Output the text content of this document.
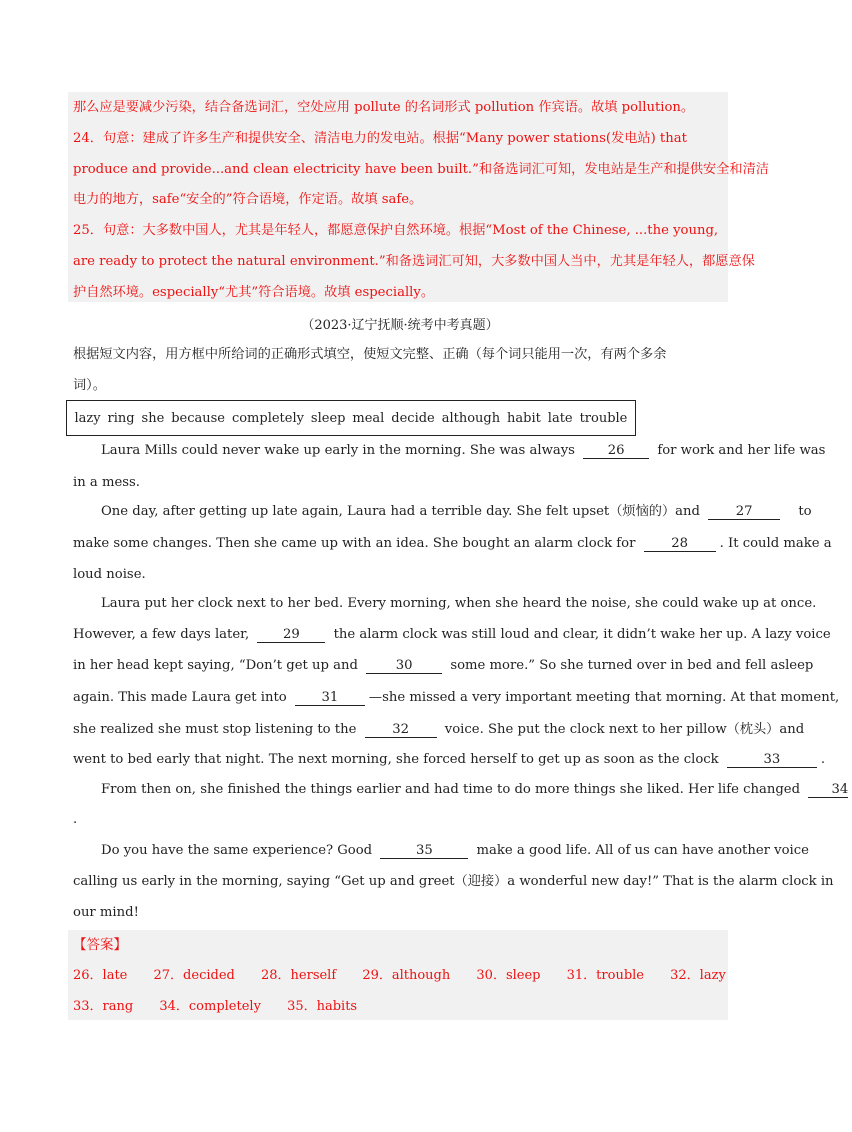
那么应是要减少污染，结合备选词汇，空处应用 pollute 的名词形式 pollution 作宾语。故填 pollution。
24．句意：建成了许多生产和提供安全、清洁电力的发电站。根据“Many power stations(发电站) that
produce and provide...and clean electricity have been built.”和备选词汇可知，发电站是生产和提供安全和清洁
电力的地方，safe“安全的”符合语境，作定语。故填 safe。
25．句意：大多数中国人，尤其是年轻人，都愿意保护自然环境。根据“Most of the Chinese, ...the young,
are ready to protect the natural environment.”和备选词汇可知，大多数中国人当中，尤其是年轻人，都愿意保
护自然环境。especially“尤其”符合语境。故填 especially。
（2023·辽宁抚顺·统考中考真题）
根据短文内容，用方框中所给词的正确形式填空，使短文完整、正确（每个词只能用一次，有两个多余
词）。
lazy ring she because completely sleep meal decide although habit late trouble
Laura Mills could never wake up early in the morning. She was always 26 for work and her life was
in a mess.
One day, after getting up late again, Laura had a terrible day. She felt upset（烦恼的）and	27	to
make some changes. Then she came up with an idea. She bought an alarm clock for	28 . It could make a
loud noise.
Laura put her clock next to her bed. Every morning, when she heard the noise, she could wake up at once.
However, a few days later,	29	the alarm clock was still loud and clear, it didn’t wake her up. A lazy voice
in her head kept saying, “Don’t get up and	30	some more.” So she turned over in bed and fell asleep
again. This made Laura get into	31 —she missed a very important meeting that morning. At that moment,
she realized she must stop listening to the	32	voice. She put the clock next to her pillow（枕头）and
went to bed early that night. The next morning, she forced herself to get up as soon as the clock	33	.
From then on, she finished the things earlier and had time to do more things she liked. Her life changed 34
.
Do you have the same experience? Good	35	make a good life. All of us can have another voice
calling us early in the morning, saying “Get up and greet（迎接）a wonderful new day!” That is the alarm clock in
our mind!
【答案】
26．late 27．decided 28．herself 29．although 30．sleep 31．trouble 32．lazy
33．rang 34．completely 35．habits
